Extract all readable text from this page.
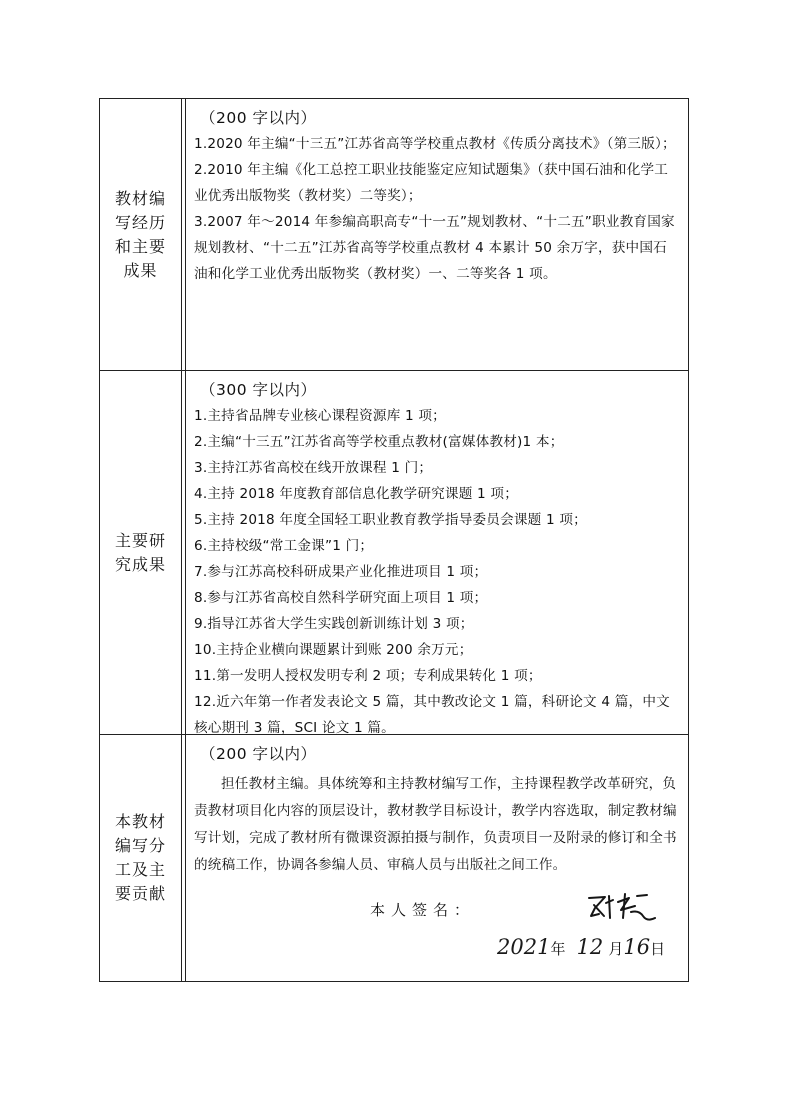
教材编写经历和主要成果
（200 字以内）

1.2020 年主编“十三五”江苏省高等学校重点教材《传质分离技术》（第三版）；

2.2010 年主编《化工总控工职业技能鉴定应知试题集》（获中国石油和化学工业优秀出版物奖（教材奖）二等奖）；

3.2007 年～2014 年参编高职高专“十一五”规划教材、“十二五”职业教育国家规划教材、“十二五”江苏省高等学校重点教材 4 本累计 50 余万字，获中国石油和化学工业优秀出版物奖（教材奖）一、二等奖各 1 项。

主要研究成果
（300 字以内）

1.主持省品牌专业核心课程资源库 1 项；

2.主编“十三五”江苏省高等学校重点教材(富媒体教材)1 本；

3.主持江苏省高校在线开放课程 1 门；

4.主持 2018 年度教育部信息化教学研究课题 1 项；

5.主持 2018 年度全国轻工职业教育教学指导委员会课题 1 项；

6.主持校级“常工金课”1 门；

7.参与江苏高校科研成果产业化推进项目 1 项；

8.参与江苏省高校自然科学研究面上项目 1 项；

9.指导江苏省大学生实践创新训练计划 3 项；

10.主持企业横向课题累计到账 200 余万元；

11.第一发明人授权发明专利 2 项；专利成果转化 1 项；

12.近六年第一作者发表论文 5 篇，其中教改论文 1 篇，科研论文 4 篇，中文核心期刊 3 篇，SCI 论文 1 篇。

本教材编写分工及主要贡献
（200 字以内）

担任教材主编。具体统筹和主持教材编写工作，主持课程教学改革研究，负责教材项目化内容的顶层设计，教材教学目标设计，教学内容选取，制定教材编写计划，完成了教材所有微课资源拍摄与制作，负责项目一及附录的修订和全书的统稿工作，协调各参编人员、审稿人员与出版社之间工作。

本人签名：
2021年 12 月16日
